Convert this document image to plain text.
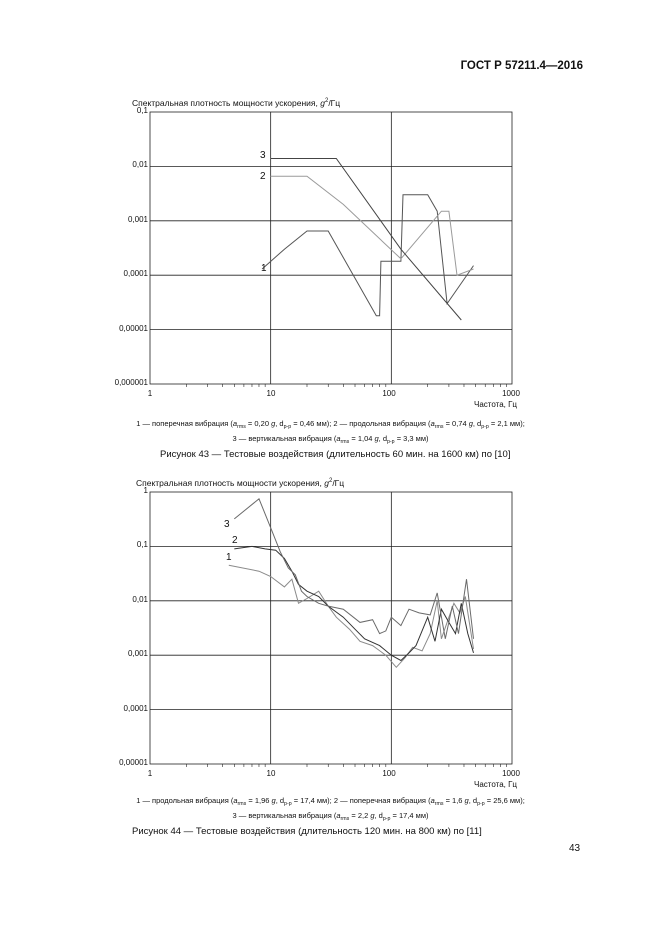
ГОСТ Р 57211.4—2016
Спектральная плотность мощности ускорения, $g^2/Гц$
0,1
0,01
0,001
0,0001
0,00001
0,000001
1	10	100	1000
Частота, Гц
3
2
1
1 — поперечная вибрация ($a_{rms} = 0,20$ g, $d_{p-p} = 0,46$ мм); 2 — продольная вибрация ($a_{rms} = 0,74$ g, $d_{p-p} = 2,1$ мм);
3 — вертикальная вибрация ($a_{rms} = 1,04$ g, $d_{p-p} = 3,3$ мм)
Рисунок 43 — Тестовые воздействия (длительность 60 мин. на 1600 км) по [10]
Спектральная плотность мощности ускорения, $g^2/Гц$
1
0,1
0,01
0,001
0,0001
0,00001
1	10	100	1000
Частота, Гц
3
2
1
1 — продольная вибрация ($a_{rms} = 1,96$ g, $d_{p-p} = 17,4$ мм); 2 — поперечная вибрация ($a_{rms} = 1,6$ g, $d_{p-p} = 25,6$ мм);
3 — вертикальная вибрация ($a_{rms} = 2,2$ g, $d_{p-p} = 17,4$ мм)
Рисунок 44 — Тестовые воздействия (длительность 120 мин. на 800 км) по [11]
43
